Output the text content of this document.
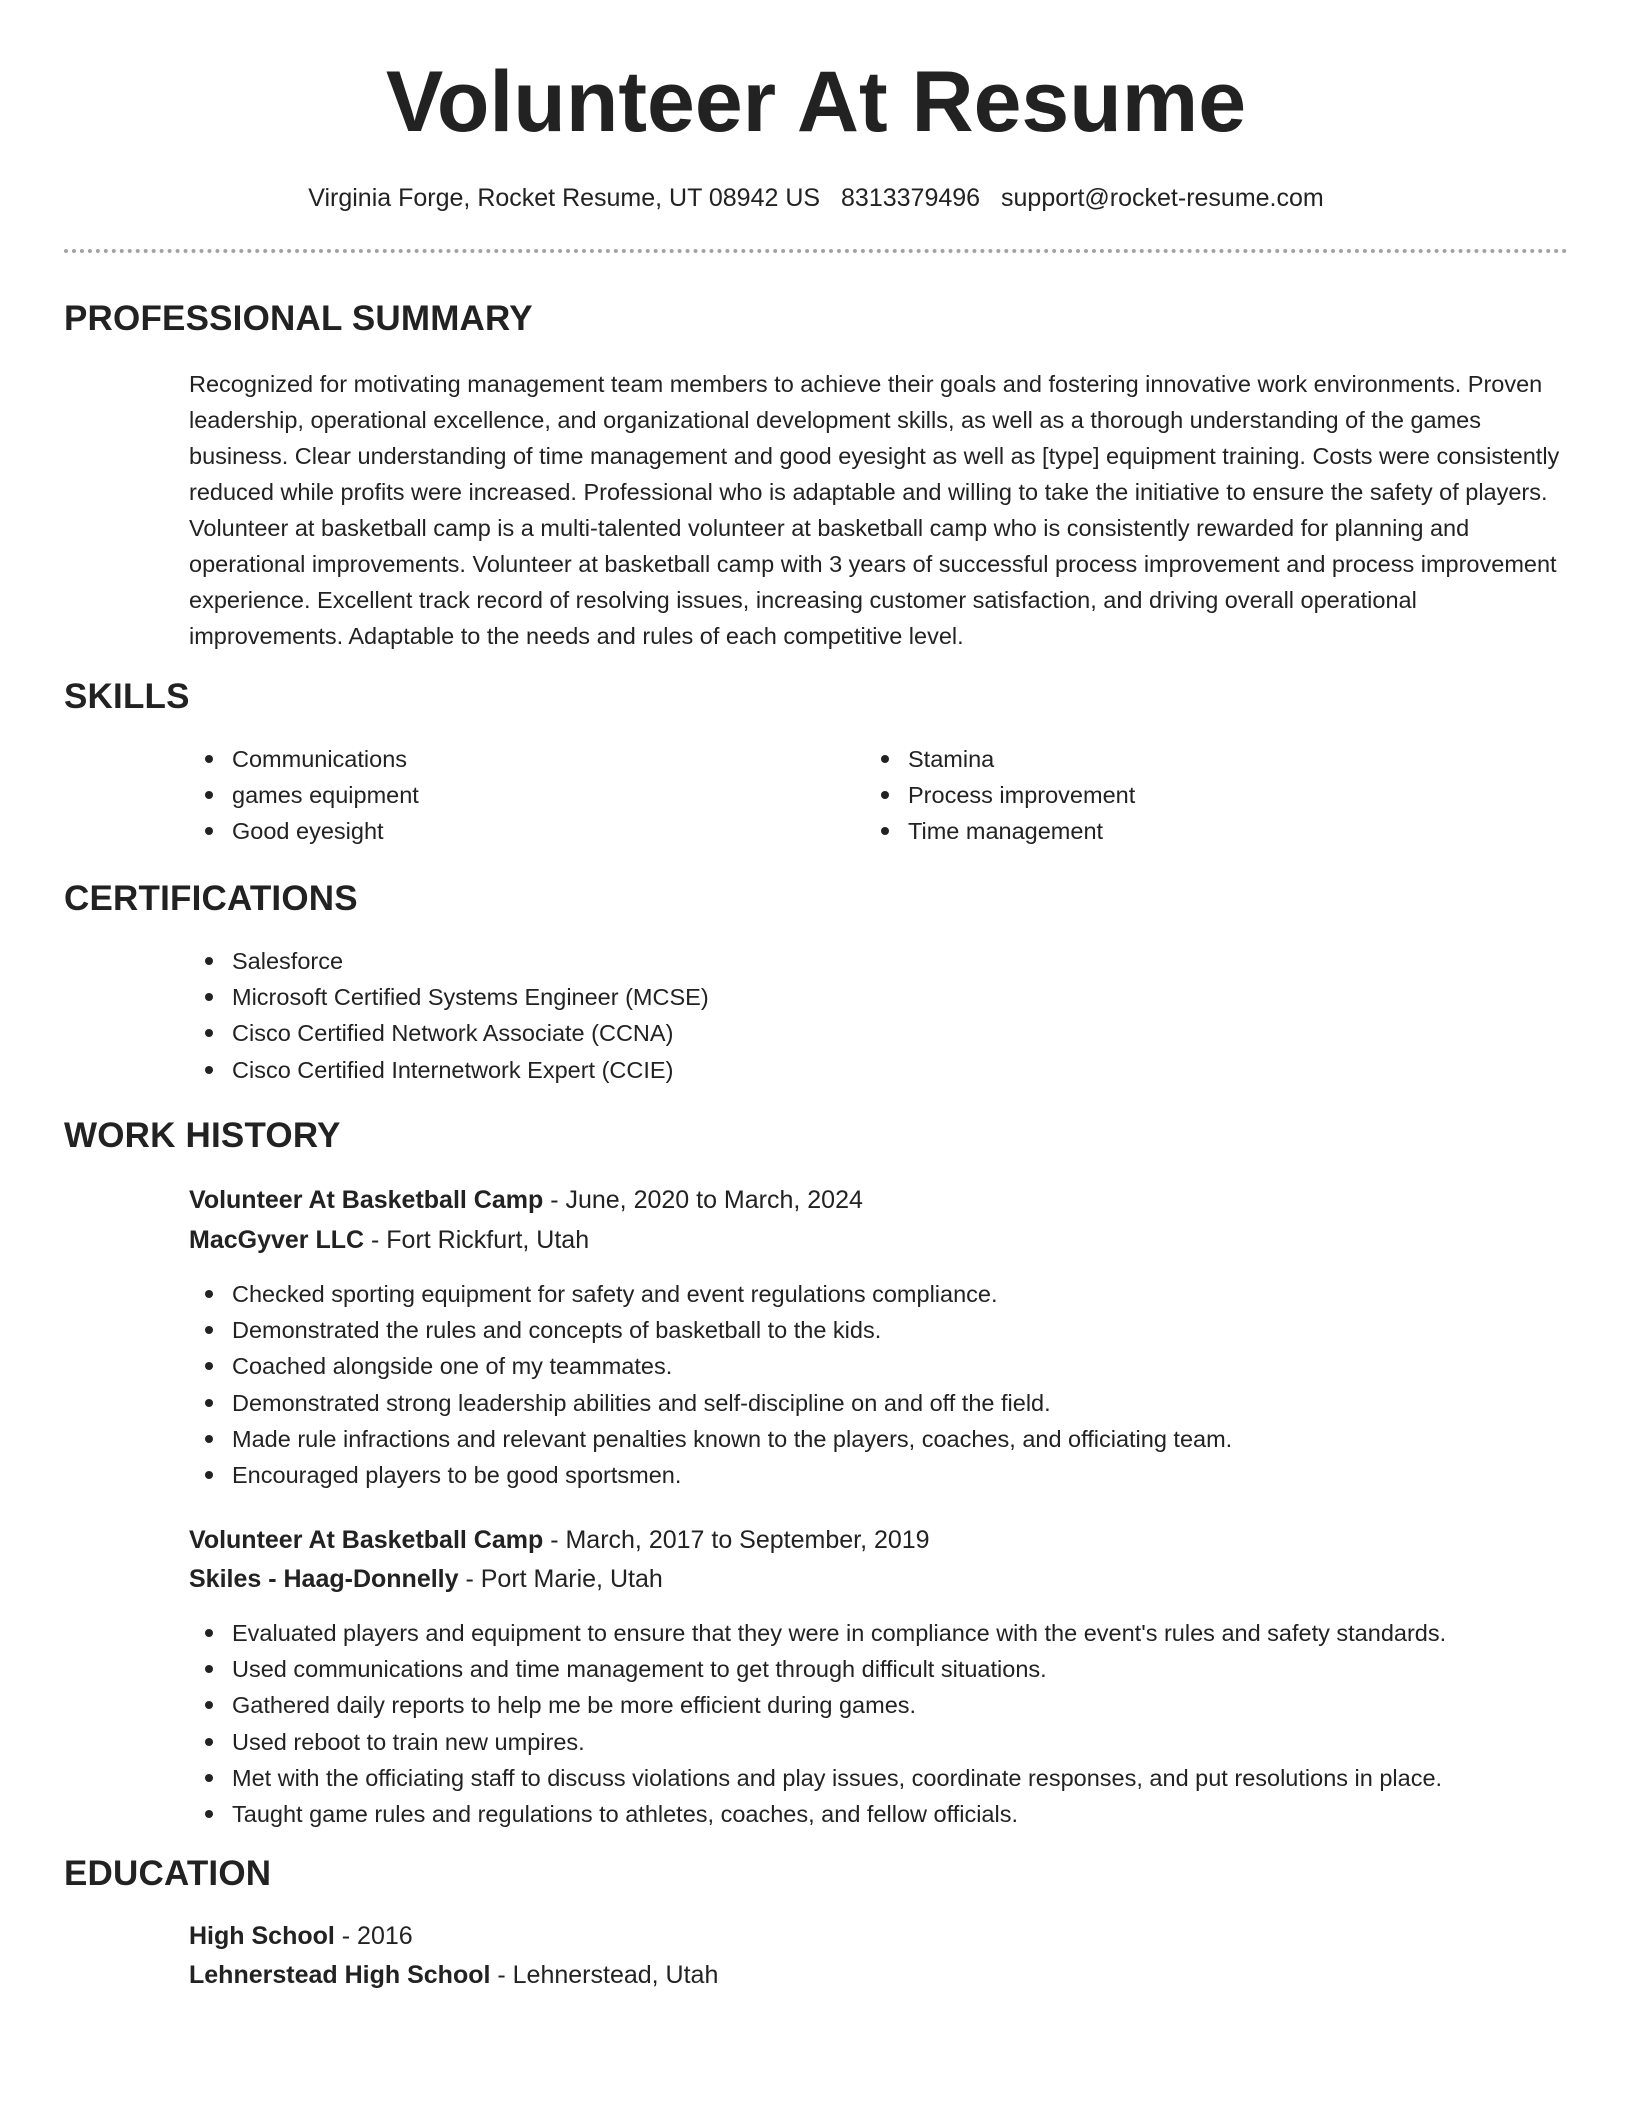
Volunteer At Resume
Virginia Forge, Rocket Resume, UT 08942 US 8313379496 support@rocket-resume.com
PROFESSIONAL SUMMARY

Recognized for motivating management team members to achieve their goals and fostering innovative work environments. Proven leadership, operational excellence, and organizational development skills, as well as a thorough understanding of the games business. Clear understanding of time management and good eyesight as well as [type] equipment training. Costs were consistently reduced while profits were increased. Professional who is adaptable and willing to take the initiative to ensure the safety of players. Volunteer at basketball camp is a multi-talented volunteer at basketball camp who is consistently rewarded for planning and operational improvements. Volunteer at basketball camp with 3 years of successful process improvement and process improvement experience. Excellent track record of resolving issues, increasing customer satisfaction, and driving overall operational improvements. Adaptable to the needs and rules of each competitive level.

SKILLS
Communications
games equipment
Good eyesight
Stamina
Process improvement
Time management
CERTIFICATIONS
Salesforce
Microsoft Certified Systems Engineer (MCSE)
Cisco Certified Network Associate (CCNA)
Cisco Certified Internetwork Expert (CCIE)
WORK HISTORY
Volunteer At Basketball Camp - June, 2020 to March, 2024
MacGyver LLC - Fort Rickfurt, Utah
Checked sporting equipment for safety and event regulations compliance.
Demonstrated the rules and concepts of basketball to the kids.
Coached alongside one of my teammates.
Demonstrated strong leadership abilities and self-discipline on and off the field.
Made rule infractions and relevant penalties known to the players, coaches, and officiating team.
Encouraged players to be good sportsmen.
Volunteer At Basketball Camp - March, 2017 to September, 2019
Skiles - Haag-Donnelly - Port Marie, Utah
Evaluated players and equipment to ensure that they were in compliance with the event's rules and safety standards.
Used communications and time management to get through difficult situations.
Gathered daily reports to help me be more efficient during games.
Used reboot to train new umpires.
Met with the officiating staff to discuss violations and play issues, coordinate responses, and put resolutions in place.
Taught game rules and regulations to athletes, coaches, and fellow officials.
EDUCATION
High School - 2016
Lehnerstead High School - Lehnerstead, Utah
